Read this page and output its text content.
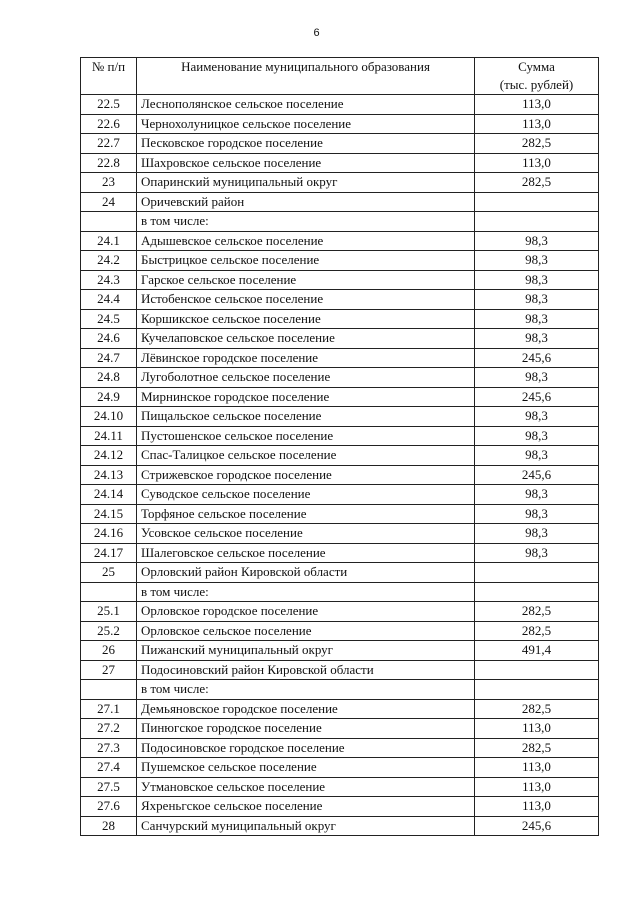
6
№ п/п	Наименование муниципального образования	Сумма
(тыс. рублей)

22.5	Леснополянское сельское поселение	113,0
22.6	Чернохолуницкое сельское поселение	113,0
22.7	Песковское городское поселение	282,5
22.8	Шахровское сельское поселение	113,0
23	Опаринский муниципальный округ	282,5
24	Оричевский район	
	в том числе:	
24.1	Адышевское сельское поселение	98,3
24.2	Быстрицкое сельское поселение	98,3
24.3	Гарское сельское поселение	98,3
24.4	Истобенское сельское поселение	98,3
24.5	Коршикское сельское поселение	98,3
24.6	Кучелаповское сельское поселение	98,3
24.7	Лёвинское городское поселение	245,6
24.8	Лугоболотное сельское поселение	98,3
24.9	Мирнинское городское поселение	245,6
24.10	Пищальское сельское поселение	98,3
24.11	Пустошенское сельское поселение	98,3
24.12	Спас-Талицкое сельское поселение	98,3
24.13	Стрижевское городское поселение	245,6
24.14	Суводское сельское поселение	98,3
24.15	Торфяное сельское поселение	98,3
24.16	Усовское сельское поселение	98,3
24.17	Шалеговское сельское поселение	98,3
25	Орловский район Кировской области	
	в том числе:	
25.1	Орловское городское поселение	282,5
25.2	Орловское сельское поселение	282,5
26	Пижанский муниципальный округ	491,4
27	Подосиновский район Кировской области	
	в том числе:	
27.1	Демьяновское городское поселение	282,5
27.2	Пинюгское городское поселение	113,0
27.3	Подосиновское городское поселение	282,5
27.4	Пушемское сельское поселение	113,0
27.5	Утмановское сельское поселение	113,0
27.6	Яхреньгское сельское поселение	113,0
28	Санчурский муниципальный округ	245,6
